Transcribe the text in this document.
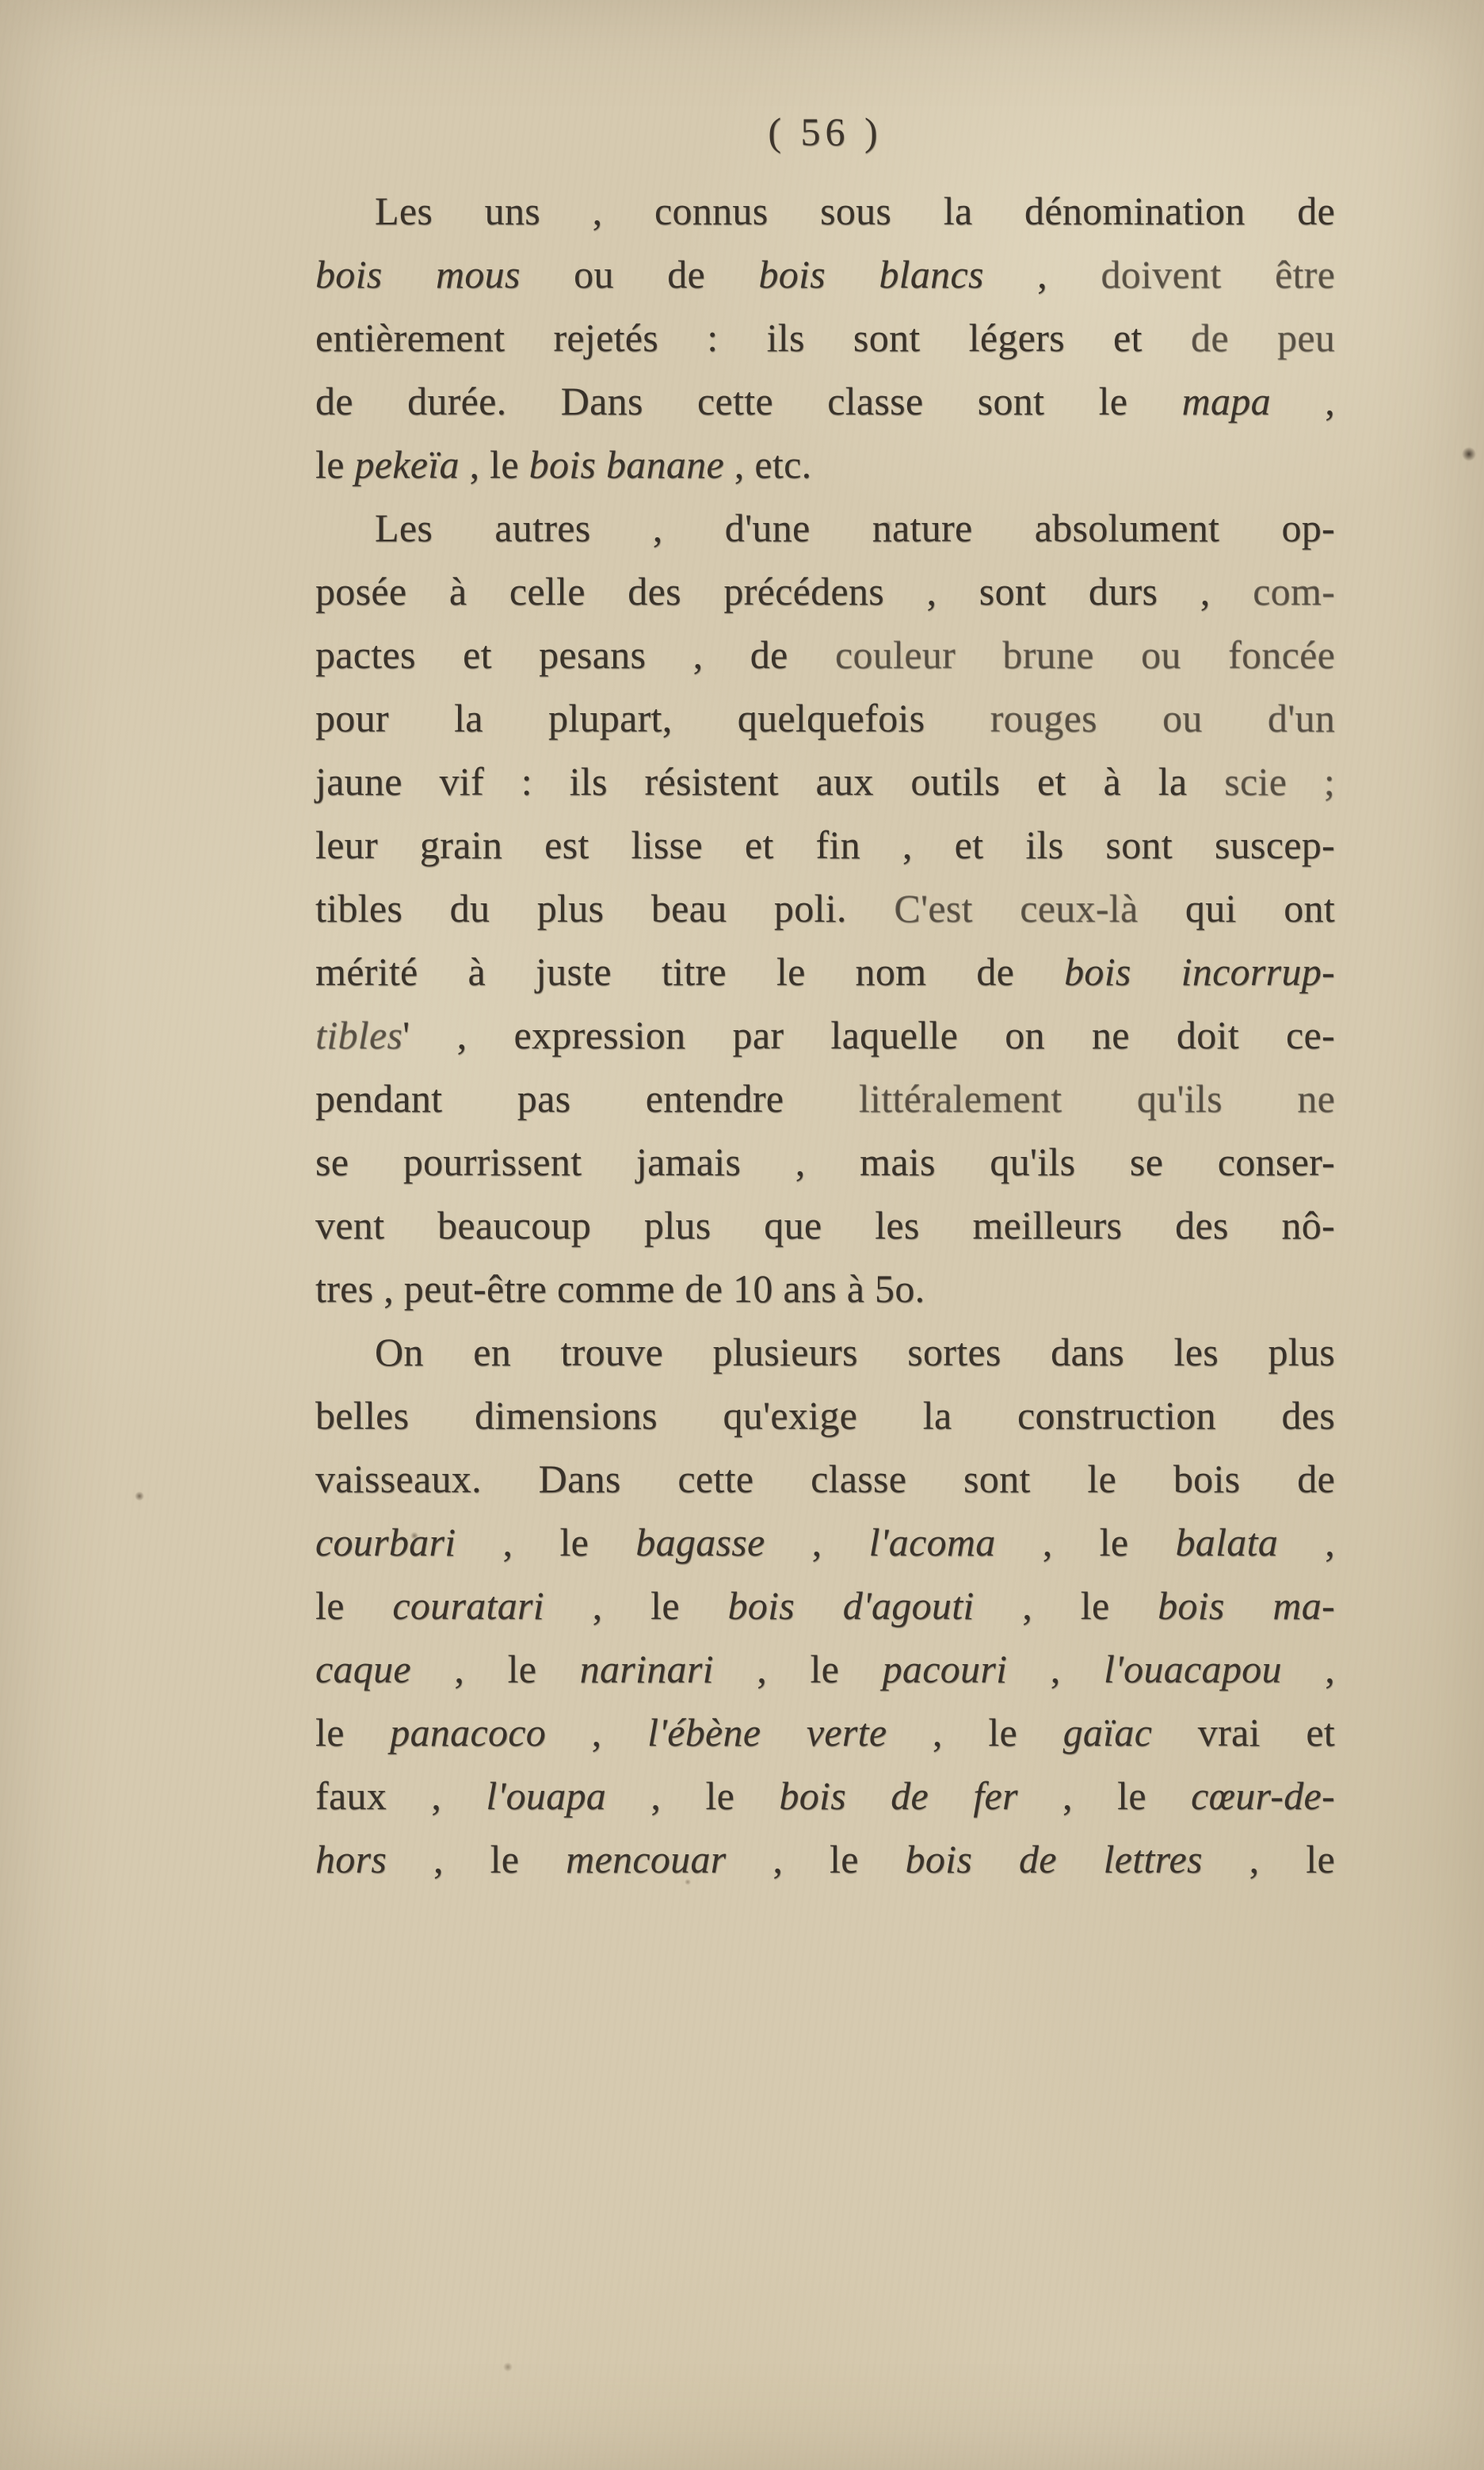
( 56 )
Les uns , connus sous la dénomination de
bois mous ou de bois blancs , doivent être
entièrement rejetés : ils sont légers et de peu
de durée. Dans cette classe sont le mapa ,
le pekeïa , le bois banane , etc.
Les autres , d'une nature absolument op-
posée à celle des précédens , sont durs , com-
pactes et pesans , de couleur brune ou foncée
pour la plupart, quelquefois rouges ou d'un
jaune vif : ils résistent aux outils et à la scie ;
leur grain est lisse et fin , et ils sont suscep-
tibles du plus beau poli. C'est ceux-là qui ont
mérité à juste titre le nom de bois incorrup-
tibles' , expression par laquelle on ne doit ce-
pendant pas entendre littéralement qu'ils ne
se pourrissent jamais , mais qu'ils se conser-
vent beaucoup plus que les meilleurs des nô-
tres , peut-être comme de 10 ans à 5o.
On en trouve plusieurs sortes dans les plus
belles dimensions qu'exige la construction des
vaisseaux. Dans cette classe sont le bois de
courbari , le bagasse , l'acoma , le balata ,
le couratari , le bois d'agouti , le bois ma-
caque , le narinari , le pacouri , l'ouacapou ,
le panacoco , l'ébène verte , le gaïac vrai et
faux , l'ouapa , le bois de fer , le cœur-de-
hors , le mencouar , le bois de lettres , le
